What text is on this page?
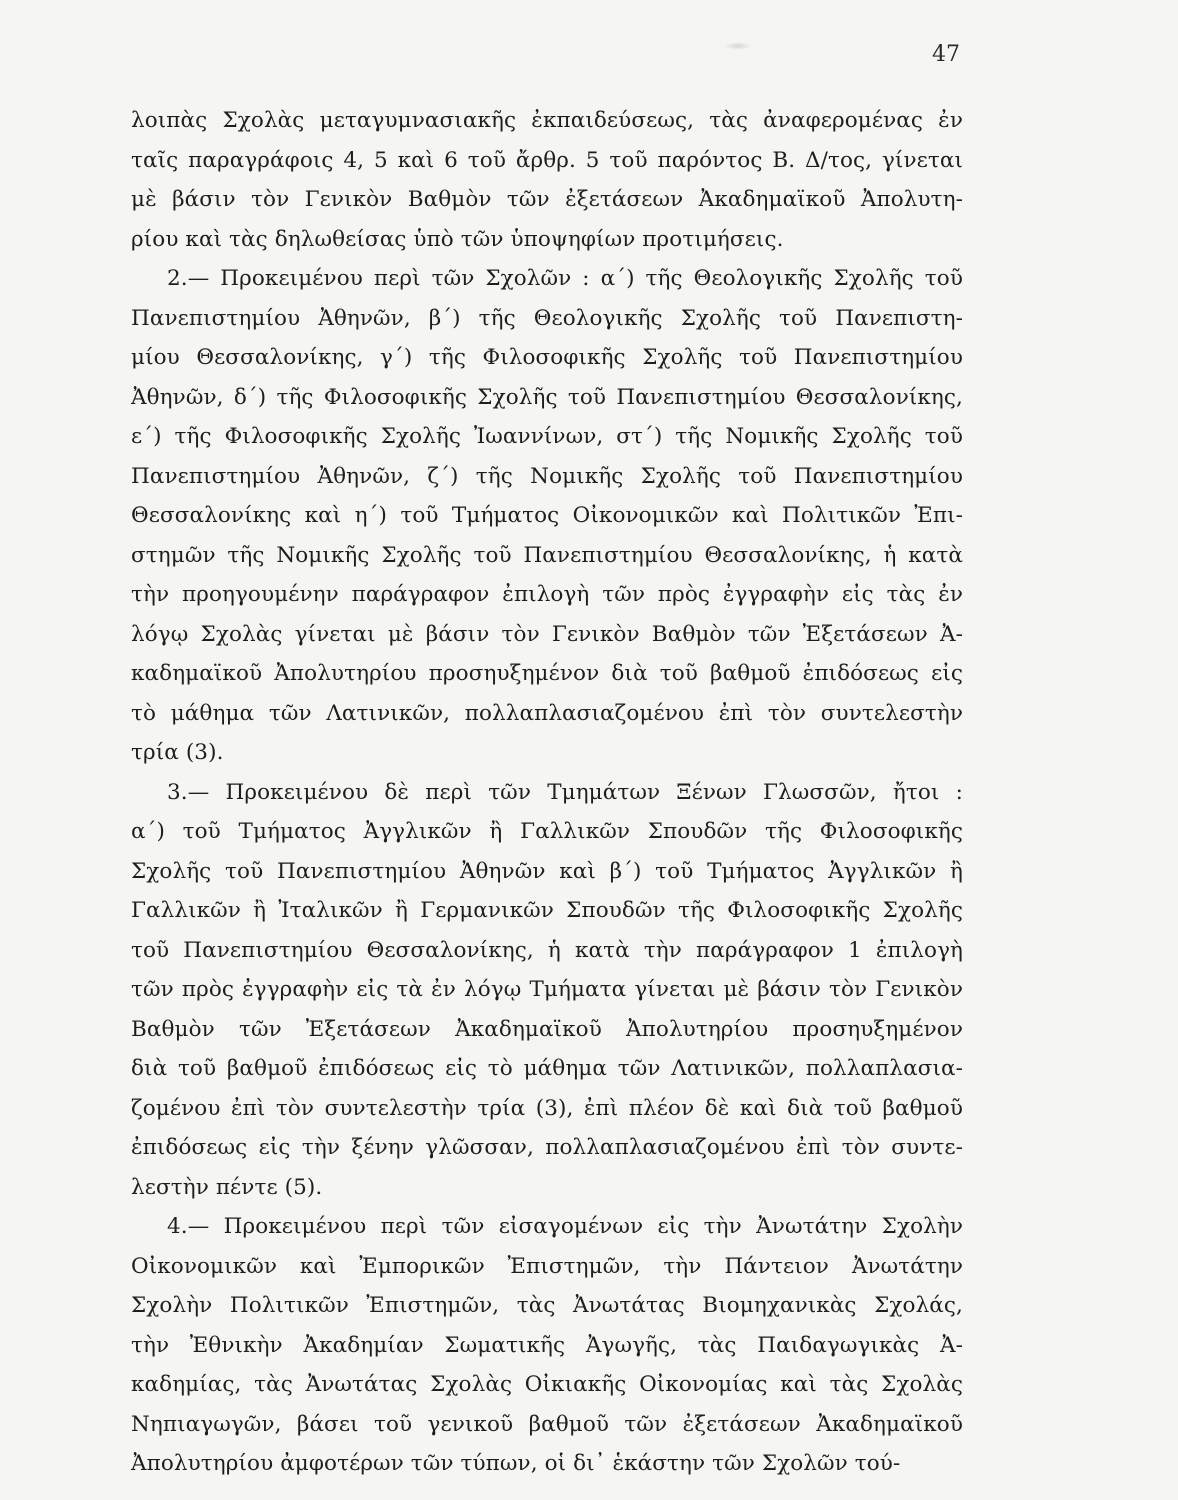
47
λοιπὰς Σχολὰς μεταγυμνασιακῆς ἐκπαιδεύσεως, τὰς ἀναφερομένας ἐν
ταῖς παραγράφοις 4, 5 καὶ 6 τοῦ ἄρθρ. 5 τοῦ παρόντος Β. Δ/τος, γίνεται
μὲ βάσιν τὸν Γενικὸν Βαθμὸν τῶν ἐξετάσεων Ἀκαδημαϊκοῦ Ἀπολυτη-
ρίου καὶ τὰς δηλωθείσας ὑπὸ τῶν ὑποψηφίων προτιμήσεις.
2.— Προκειμένου περὶ τῶν Σχολῶν : α΄) τῆς Θεολογικῆς Σχολῆς τοῦ
Πανεπιστημίου Ἀθηνῶν, β΄) τῆς Θεολογικῆς Σχολῆς τοῦ Πανεπιστη-
μίου Θεσσαλονίκης, γ΄) τῆς Φιλοσοφικῆς Σχολῆς τοῦ Πανεπιστημίου
Ἀθηνῶν, δ΄) τῆς Φιλοσοφικῆς Σχολῆς τοῦ Πανεπιστημίου Θεσσαλονίκης,
ε΄) τῆς Φιλοσοφικῆς Σχολῆς Ἰωαννίνων, στ΄) τῆς Νομικῆς Σχολῆς τοῦ
Πανεπιστημίου Ἀθηνῶν, ζ΄) τῆς Νομικῆς Σχολῆς τοῦ Πανεπιστημίου
Θεσσαλονίκης καὶ η΄) τοῦ Τμήματος Οἰκονομικῶν καὶ Πολιτικῶν Ἐπι-
στημῶν τῆς Νομικῆς Σχολῆς τοῦ Πανεπιστημίου Θεσσαλονίκης, ἡ κατὰ
τὴν προηγουμένην παράγραφον ἐπιλογὴ τῶν πρὸς ἐγγραφὴν εἰς τὰς ἐν
λόγῳ Σχολὰς γίνεται μὲ βάσιν τὸν Γενικὸν Βαθμὸν τῶν Ἐξετάσεων Ἀ-
καδημαϊκοῦ Ἀπολυτηρίου προσηυξημένον διὰ τοῦ βαθμοῦ ἐπιδόσεως εἰς
τὸ μάθημα τῶν Λατινικῶν, πολλαπλασιαζομένου ἐπὶ τὸν συντελεστὴν
τρία (3).
3.— Προκειμένου δὲ περὶ τῶν Τμημάτων Ξένων Γλωσσῶν, ἤτοι :
α΄) τοῦ Τμήματος Ἀγγλικῶν ἢ Γαλλικῶν Σπουδῶν τῆς Φιλοσοφικῆς
Σχολῆς τοῦ Πανεπιστημίου Ἀθηνῶν καὶ β΄) τοῦ Τμήματος Ἀγγλικῶν ἢ
Γαλλικῶν ἢ Ἰταλικῶν ἢ Γερμανικῶν Σπουδῶν τῆς Φιλοσοφικῆς Σχολῆς
τοῦ Πανεπιστημίου Θεσσαλονίκης, ἡ κατὰ τὴν παράγραφον 1 ἐπιλογὴ
τῶν πρὸς ἐγγραφὴν εἰς τὰ ἐν λόγῳ Τμήματα γίνεται μὲ βάσιν τὸν Γενικὸν
Βαθμὸν τῶν Ἐξετάσεων Ἀκαδημαϊκοῦ Ἀπολυτηρίου προσηυξημένον
διὰ τοῦ βαθμοῦ ἐπιδόσεως εἰς τὸ μάθημα τῶν Λατινικῶν, πολλαπλασια-
ζομένου ἐπὶ τὸν συντελεστὴν τρία (3), ἐπὶ πλέον δὲ καὶ διὰ τοῦ βαθμοῦ
ἐπιδόσεως εἰς τὴν ξένην γλῶσσαν, πολλαπλασιαζομένου ἐπὶ τὸν συντε-
λεστὴν πέντε (5).
4.— Προκειμένου περὶ τῶν εἰσαγομένων εἰς τὴν Ἀνωτάτην Σχολὴν
Οἰκονομικῶν καὶ Ἐμπορικῶν Ἐπιστημῶν, τὴν Πάντειον Ἀνωτάτην
Σχολὴν Πολιτικῶν Ἐπιστημῶν, τὰς Ἀνωτάτας Βιομηχανικὰς Σχολάς,
τὴν Ἐθνικὴν Ἀκαδημίαν Σωματικῆς Ἀγωγῆς, τὰς Παιδαγωγικὰς Ἀ-
καδημίας, τὰς Ἀνωτάτας Σχολὰς Οἰκιακῆς Οἰκονομίας καὶ τὰς Σχολὰς
Νηπιαγωγῶν, βάσει τοῦ γενικοῦ βαθμοῦ τῶν ἐξετάσεων Ἀκαδημαϊκοῦ
Ἀπολυτηρίου ἀμφοτέρων τῶν τύπων, οἱ δι᾽ ἑκάστην τῶν Σχολῶν τού-
